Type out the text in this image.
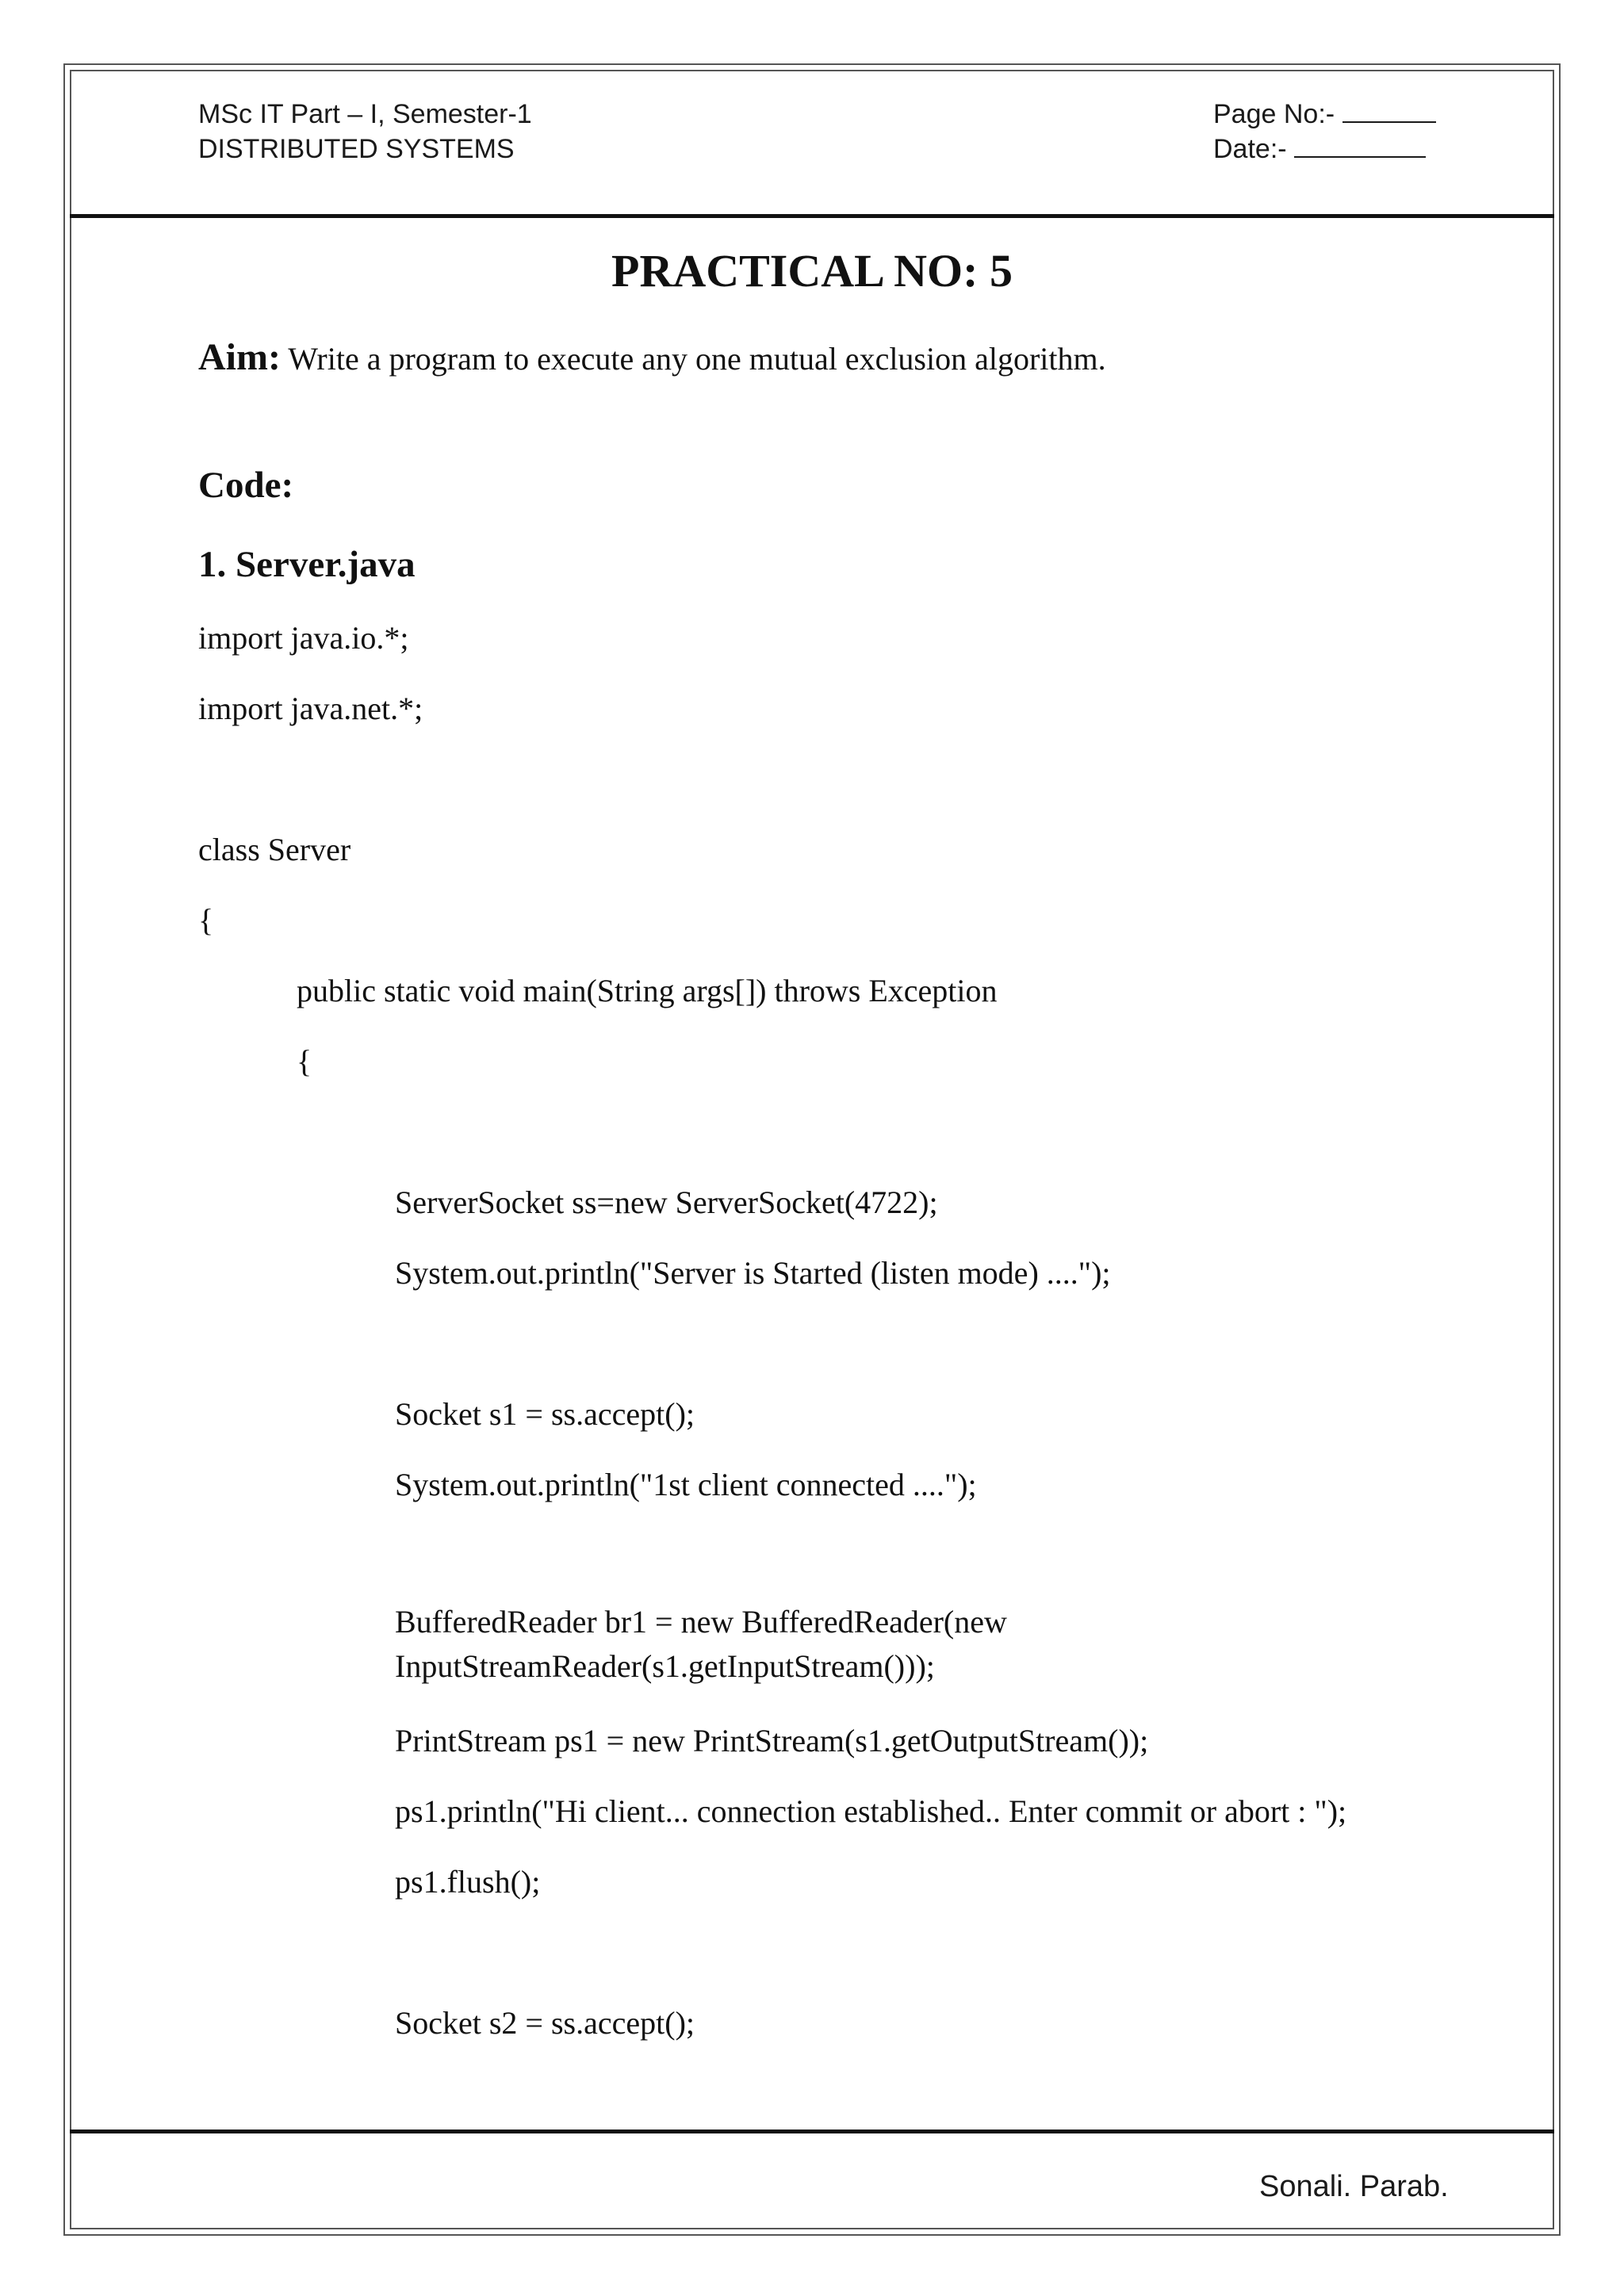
MSc IT Part – I, Semester-1
DISTRIBUTED SYSTEMS
Page No:-
Date:-
PRACTICAL NO: 5
Aim: Write a program to execute any one mutual exclusion algorithm.
Code:
1. Server.java
import java.io.*;
import java.net.*;
class Server
{
public static void main(String args[]) throws Exception
{
ServerSocket ss=new ServerSocket(4722);
System.out.println("Server is Started (listen mode) ....");
Socket s1 = ss.accept();
System.out.println("1st client connected ....");
BufferedReader br1 = new BufferedReader(new InputStreamReader(s1.getInputStream()));
PrintStream ps1 = new PrintStream(s1.getOutputStream());
ps1.println("Hi client... connection established.. Enter commit or abort : ");
ps1.flush();
Socket s2 = ss.accept();
Sonali. Parab.
